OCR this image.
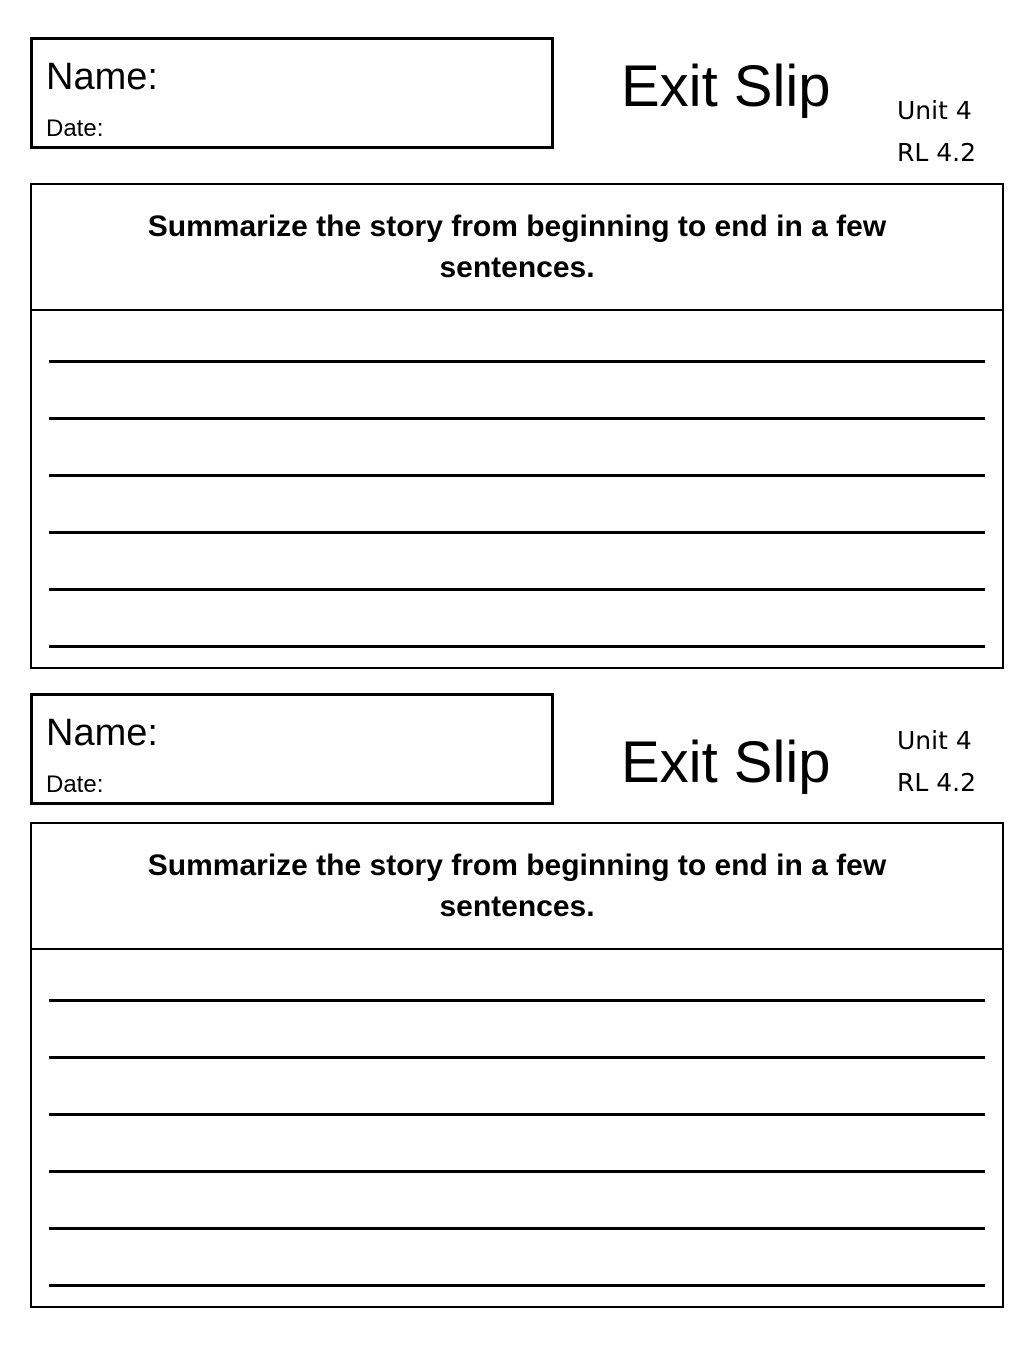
Name:
Date:
Exit Slip	Unit 4
RL 4.2
Summarize the story from beginning to end in a few sentences.
Name:
Date:	Exit Slip	Unit 4
RL 4.2
Summarize the story from beginning to end in a few sentences.
